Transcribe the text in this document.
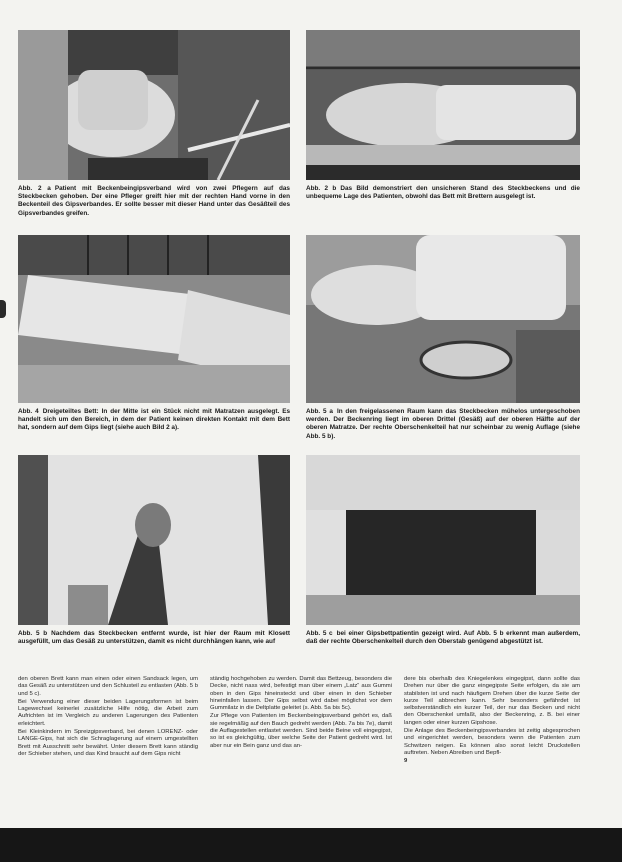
Abb. 2 a Patient mit Beckenbeingipsverband wird von zwei Pflegern auf das Steckbecken gehoben. Der eine Pfleger greift hier mit der rechten Hand vorne in den Beckenteil des Gipsverbandes. Er sollte besser mit dieser Hand unter das Gesäßteil des Gipsverbandes greifen.
Abb. 2 b Das Bild demonstriert den unsicheren Stand des Steckbeckens und die unbequeme Lage des Patienten, obwohl das Bett mit Brettern ausgelegt ist.
Abb. 4 Dreigeteiltes Bett: In der Mitte ist ein Stück nicht mit Matratzen ausgelegt. Es handelt sich um den Bereich, in dem der Patient keinen direkten Kontakt mit dem Bett hat, sondern auf dem Gips liegt (siehe auch Bild 2 a).
Abb. 5 a In den freigelassenen Raum kann das Steckbecken mühelos untergeschoben werden. Der Beckenring liegt im oberen Drittel (Gesäß) auf der oberen Hälfte auf der oberen Matratze. Der rechte Oberschenkelteil hat nur scheinbar zu wenig Auflage (siehe Abb. 5 b).
Abb. 5 b Nachdem das Steckbecken entfernt wurde, ist hier der Raum mit Klosett ausgefüllt, um das Gesäß zu unterstützen, damit es nicht durchhängen kann, wie auf
Abb. 5 c bei einer Gipsbettpatientin gezeigt wird. Auf Abb. 5 b erkennt man außerdem, daß der rechte Oberschenkelteil durch den Oberstab genügend abgestützt ist.

den oberen Brett kann man einen oder einen Sandsack legen, um das Gesäß zu unterstützen und den Schlusteil zu entlasten (Abb. 5 b und 5 c).

Bei Verwendung einer dieser beiden Lagerungsformen ist beim Lagewechsel keinerlei zusätzliche Hilfe nötig, die Arbeit zum Aufrichten ist im Vergleich zu anderen Lagerungen des Patienten erleichtert.

Bei Kleinkindern im Spreizgipsverband, bei denen LORENZ- oder LANGE-Gips, hat sich die Schraglagerung auf einem umgestellten Brett mit Ausschnitt sehr bewährt. Unter diesem Brett kann ständig der Schieber stehen, und das Kind braucht auf dem Gips nicht

ständig hochgehoben zu werden. Damit das Bettzeug, besonders die Decke, nicht nass wird, befestigt man über einem „Latz“ aus Gummi oben in den Gips hineinsteckt und über einen in den Schieber hineinfallen lassen. Der Gips selbst wird dabei möglichst vor dem Gummilatz in die Deltplatte geleitet (s. Abb. 5a bis 5c).

Zur Pflege von Patienten im Beckenbeingipsverband gehört es, daß sie regelmäßig auf den Bauch gedreht werden (Abb. 7a bis 7e), damit die Auflagestellen entlastet werden. Sind beide Beine voll eingegipst, so ist es gleichgültig, über welche Seite der Patient gedreht wird. Ist aber nur ein Bein ganz und das an-

dere bis oberhalb des Kniegelenkes eingegipst, dann sollte das Drehen nur über die ganz eingegipste Seite erfolgen, da sie am stabilsten ist und nach häufigem Drehen über die kurze Seite der kurze Teil abbrechen kann. Sehr besonders gefährdet ist selbstverständlich ein kurzer Teil, der nur das Becken und nicht den Oberschenkel umfaßt, also der Beckenring, z. B. bei einer langen oder einer kurzen Gipshose.

Die Anlage des Beckenbeingipsverbandes ist zeitig abgesprochen und eingerichtet werden, besonders wenn die Patienten zum Schwitzen neigen. Es können also sonst leicht Druckstellen auftreten. Neben Abreiben und Bepfl-

9
